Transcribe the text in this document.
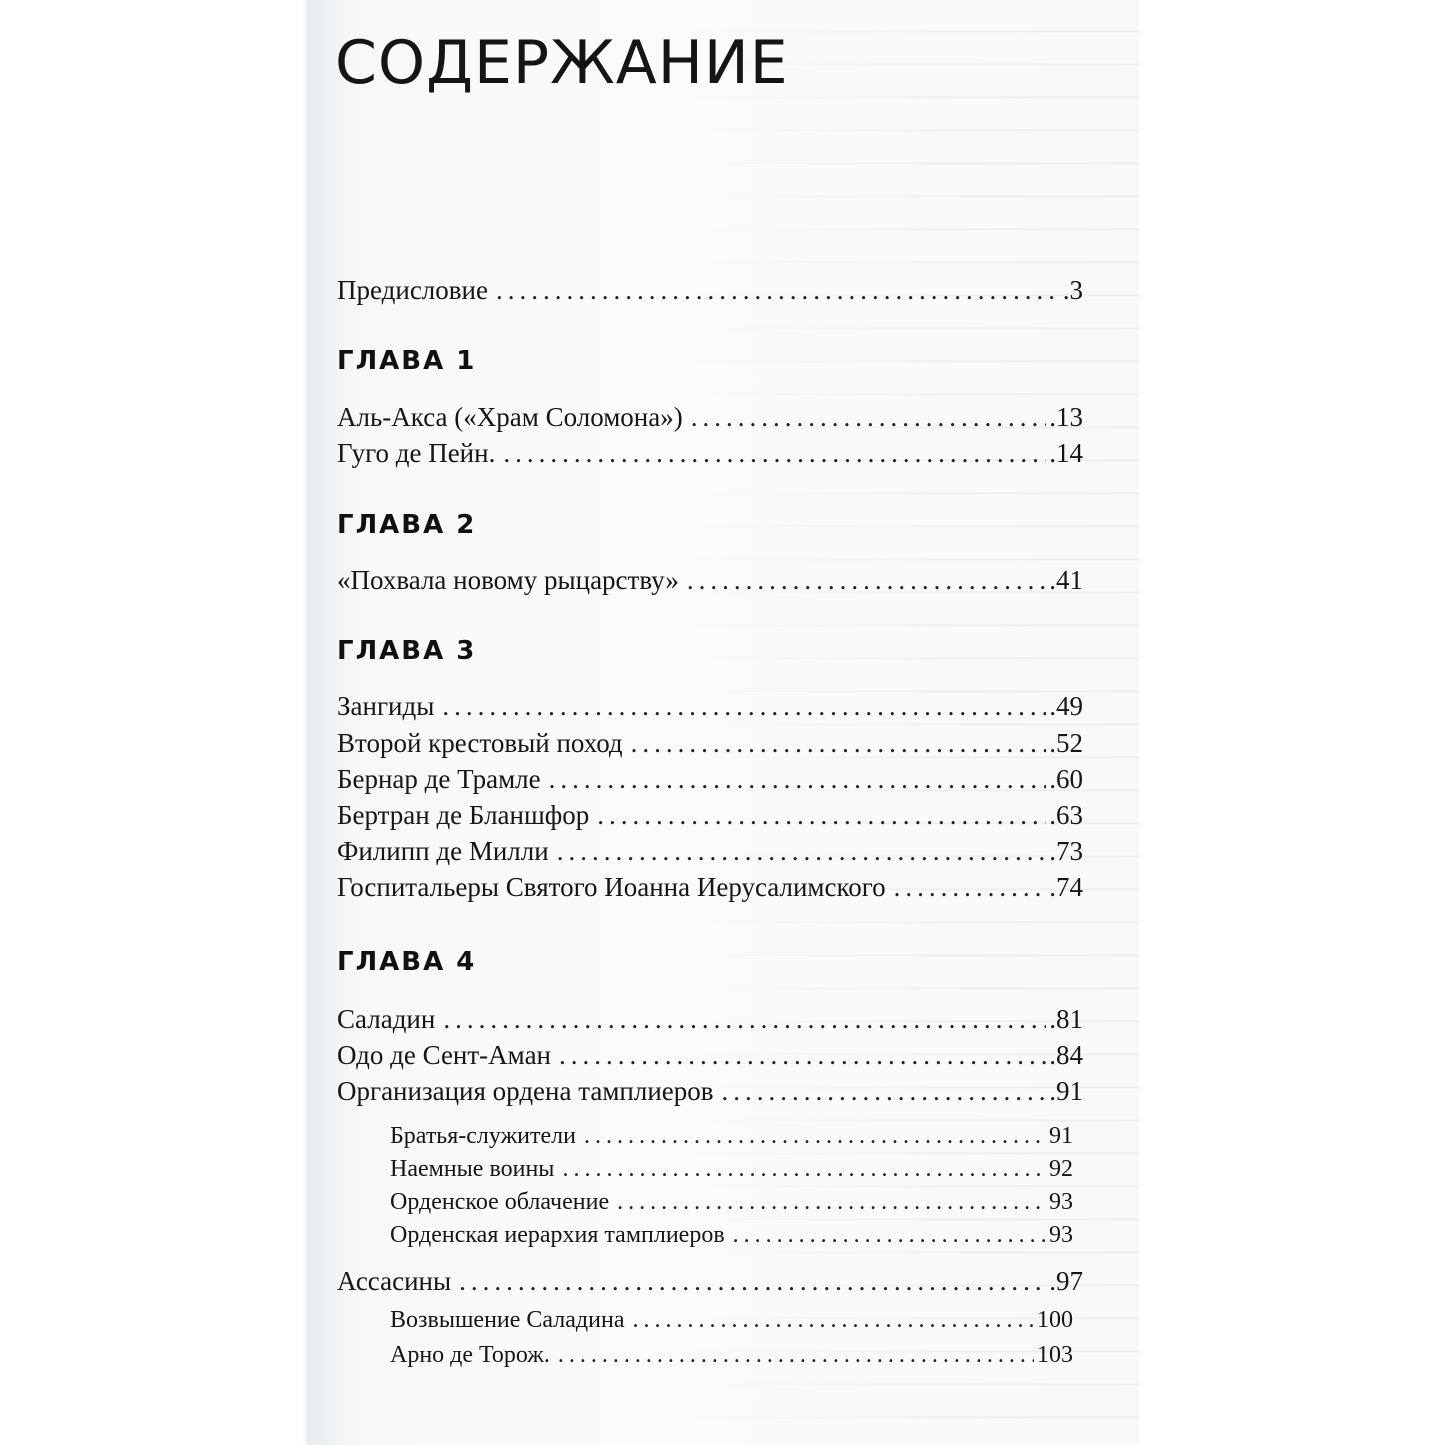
СОДЕРЖАНИЕ
Предисловие .....	.3
ГЛАВА 1
Аль-Акса («Храм Соломона») .....	.13
Гуго де Пейн. .....	.14
ГЛАВА 2
«Похвала новому рыцарству» .....	.41
ГЛАВА 3
Зангиды .....	.49
Второй крестовый поход .....	.52
Бернар де Трамле .....	.60
Бертран де Бланшфор .....	.63
Филипп де Милли .....	.73
Госпитальеры Святого Иоанна Иерусалимского .....	.74
ГЛАВА 4
Саладин .....	.81
Одо де Сент-Аман .....	.84
Организация ордена тамплиеров .....	.91
Братья-служители .....	91
Наемные воины .....	92
Орденское облачение .....	93
Орденская иерархия тамплиеров .....	93
Ассасины .....	.97
Возвышение Саладина .....	100
Арно де Торож. .....	103
